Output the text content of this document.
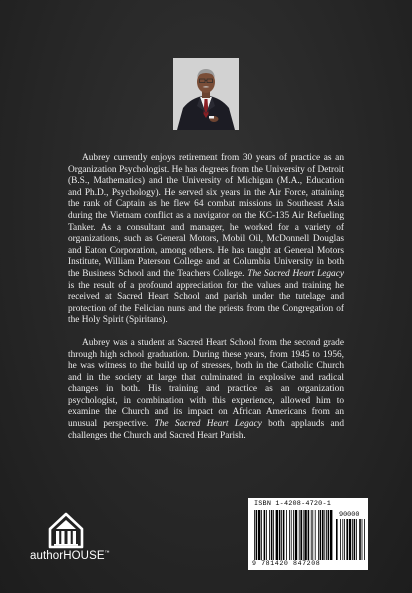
Aubrey currently enjoys retirement from 30 years of practice as an Organization Psychologist. He has degrees from the University of Detroit (B.S., Mathematics) and the University of Michigan (M.A., Education and Ph.D., Psychology). He served six years in the Air Force, attaining the rank of Captain as he flew 64 combat missions in Southeast Asia during the Vietnam conflict as a navigator on the KC-135 Air Refueling Tanker. As a consultant and manager, he worked for a variety of organizations, such as General Motors, Mobil Oil, McDonnell Douglas and Eaton Corporation, among others. He has taught at General Motors Institute, William Paterson College and at Columbia University in both the Business School and the Teachers College. The Sacred Heart Legacy is the result of a profound appreciation for the values and training he received at Sacred Heart School and parish under the tutelage and protection of the Felician nuns and the priests from the Congregation of the Holy Spirit (Spiritans).

Aubrey was a student at Sacred Heart School from the second grade through high school graduation. During these years, from 1945 to 1956, he was witness to the build up of stresses, both in the Catholic Church and in the society at large that culminated in explosive and radical changes in both. His training and practice as an organization psychologist, in combination with this experience, allowed him to examine the Church and its impact on African Americans from an unusual perspective. The Sacred Heart Legacy both applauds and challenges the Church and Sacred Heart Parish.

authorHOUSE™
ISBN 1-4208-4720-1
90000
9 781420 847208
